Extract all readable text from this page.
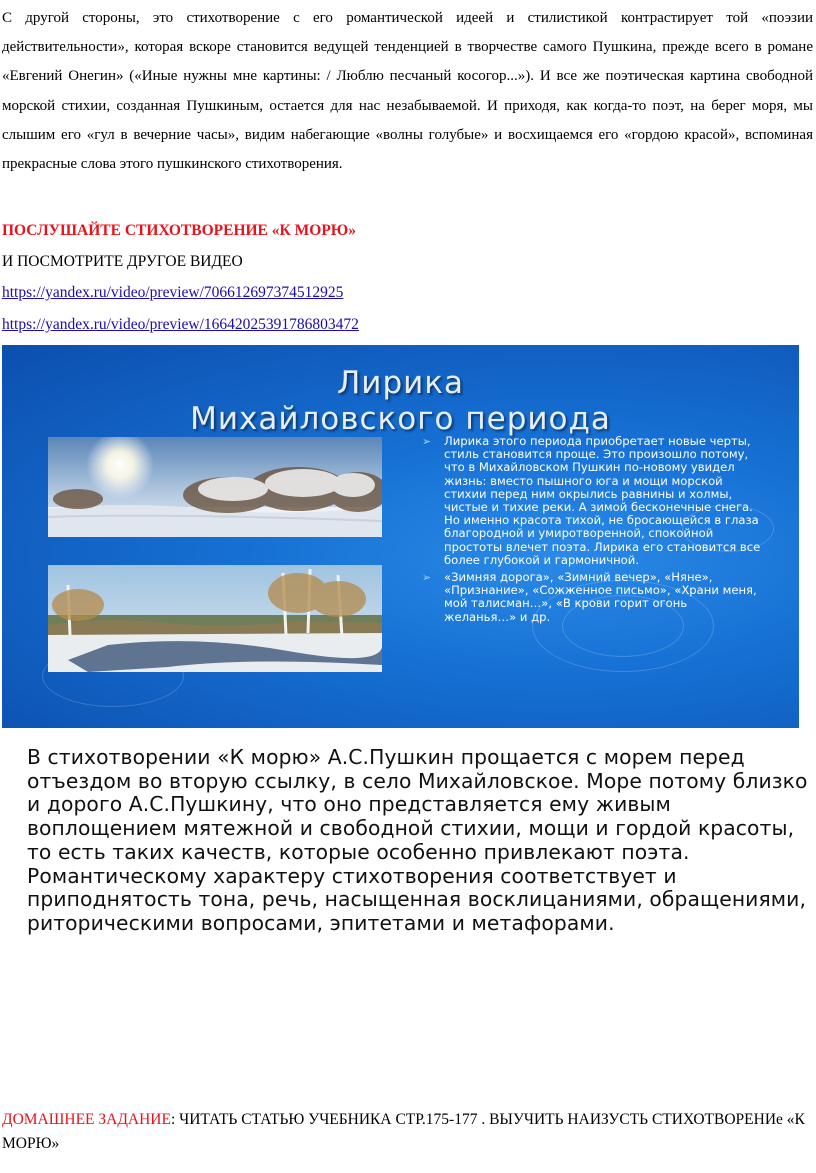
С другой стороны, это стихотворение с его романтической идеей и стилистикой контрастирует той «поэзии действительности», которая вскоре становится ведущей тенденцией в творчестве самого Пушкина, прежде всего в романе «Евгений Онегин» («Иные нужны мне картины: / Люблю песчаный косогор...»). И все же поэтическая картина свободной морской стихии, созданная Пушкиным, остается для нас незабываемой. И приходя, как когда-то поэт, на берег моря, мы слышим его «гул в вечерние часы», видим набегающие «волны голубые» и восхищаемся его «гордою красой», вспоминая прекрасные слова этого пушкинского стихотворения.

ПОСЛУШАЙТЕ СТИХОТВОРЕНИЕ «К МОРЮ»

И ПОСМОТРИТЕ ДРУГОЕ ВИДЕО

https://yandex.ru/video/preview/706612697374512925
https://yandex.ru/video/preview/16642025391786803472
Лирика
Михайловского периода
➢ Лирика этого периода приобретает новые черты, стиль становится проще. Это произошло потому, что в Михайловском Пушкин по-новому увидел жизнь: вместо пышного юга и мощи морской стихии перед ним окрылись равнины и холмы, чистые и тихие реки. А зимой бесконечные снега. Но именно красота тихой, не бросающейся в глаза благородной и умиротворенной, спокойной простоты влечет поэта. Лирика его становится все более глубокой и гармоничной.
➢ «Зимняя дорога», «Зимний вечер», «Няне», «Признание», «Сожженное письмо», «Храни меня, мой талисман…», «В крови горит огонь желанья…» и др.

В стихотворении «К морю» А.С.Пушкин прощается с морем перед отъездом во вторую ссылку, в село Михайловское. Море потому близко и дорого А.С.Пушкину, что оно представляется ему живым воплощением мятежной и свободной стихии, мощи и гордой красоты, то есть таких качеств, которые особенно привлекают поэта. Романтическому характеру стихотворения соответствует и приподнятость тона, речь, насыщенная восклицаниями, обращениями, риторическими вопросами, эпитетами и метафорами.

ДОМАШНЕЕ ЗАДАНИЕ: ЧИТАТЬ СТАТЬЮ УЧЕБНИКА СТР.175-177 . ВЫУЧИТЬ НАИЗУСТЬ СТИХОТВОРЕНИе «К МОРЮ»
